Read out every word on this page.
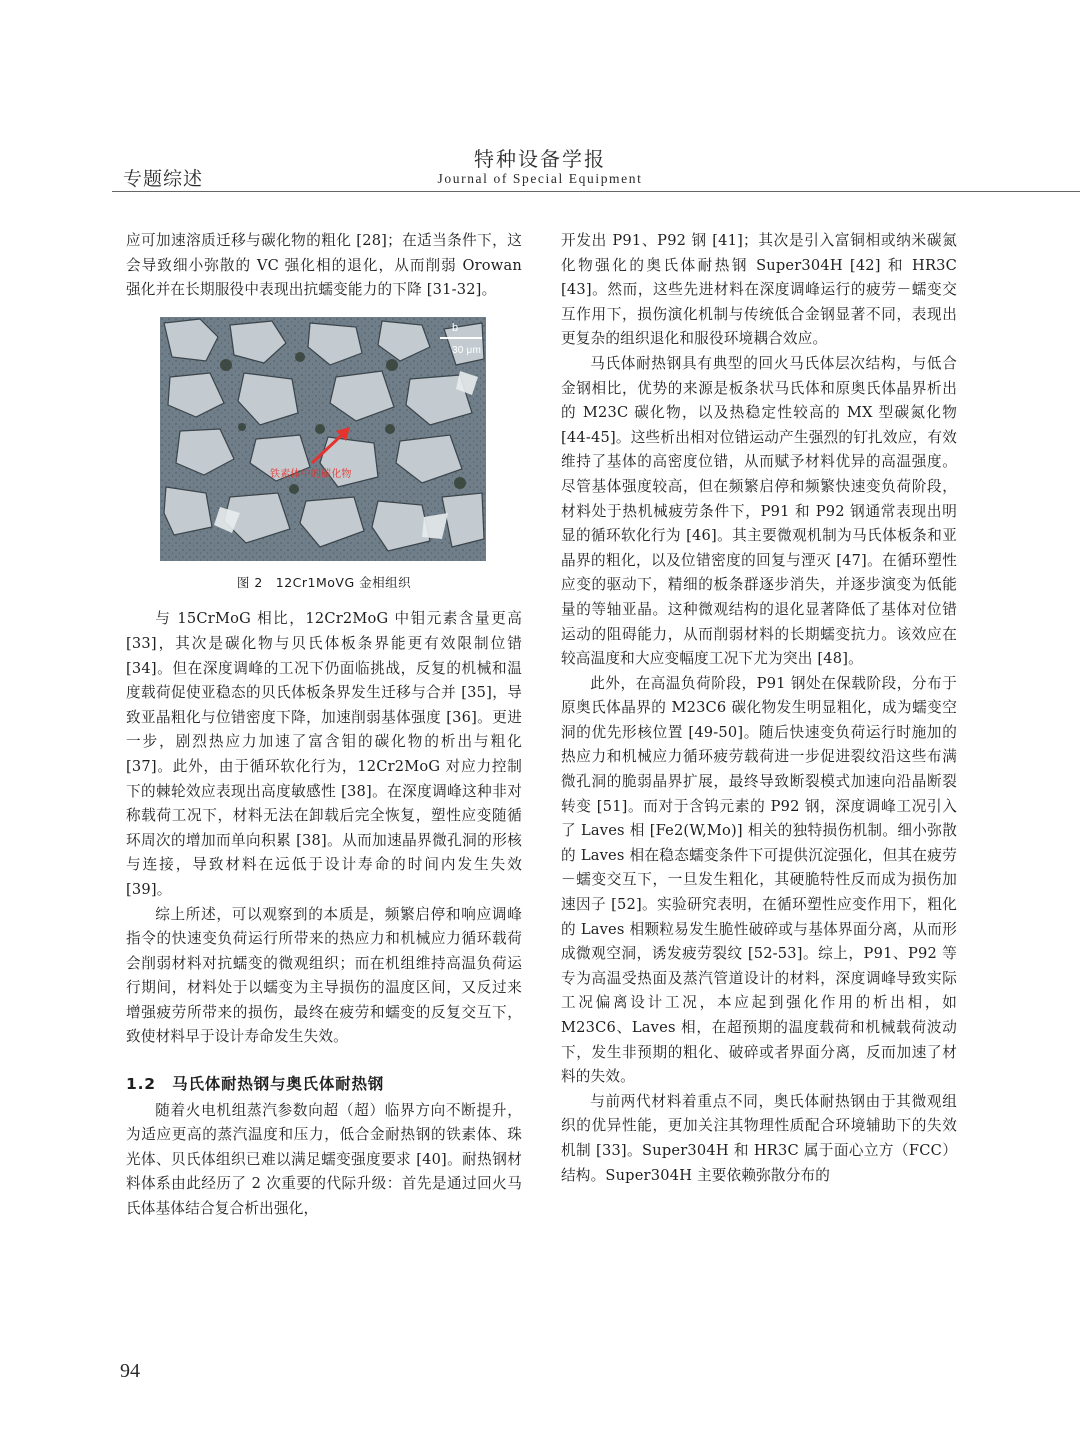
特种设备学报
专题综述	Journal of Special Equipment

应可加速溶质迁移与碳化物的粗化 [28]；在适当条件下，这会导致细小弥散的 VC 强化相的退化，从而削弱 Orowan 强化并在长期服役中表现出抗蠕变能力的下降 [31-32]。

b
30 μm
铁素体中的碳化物
图 2　12Cr1MoVG 金相组织

与 15CrMoG 相比，12Cr2MoG 中钼元素含量更高 [33]，其次是碳化物与贝氏体板条界能更有效限制位错 [34]。但在深度调峰的工况下仍面临挑战，反复的机械和温度载荷促使亚稳态的贝氏体板条界发生迁移与合并 [35]，导致亚晶粗化与位错密度下降，加速削弱基体强度 [36]。更进一步，剧烈热应力加速了富含钼的碳化物的析出与粗化 [37]。此外，由于循环软化行为，12Cr2MoG 对应力控制下的棘轮效应表现出高度敏感性 [38]。在深度调峰这种非对称载荷工况下，材料无法在卸载后完全恢复，塑性应变随循环周次的增加而单向积累 [38]。从而加速晶界微孔洞的形核与连接，导致材料在远低于设计寿命的时间内发生失效 [39]。

综上所述，可以观察到的本质是，频繁启停和响应调峰指令的快速变负荷运行所带来的热应力和机械应力循环载荷会削弱材料对抗蠕变的微观组织；而在机组维持高温负荷运行期间，材料处于以蠕变为主导损伤的温度区间，又反过来增强疲劳所带来的损伤，最终在疲劳和蠕变的反复交互下，致使材料早于设计寿命发生失效。

1.2　马氏体耐热钢与奥氏体耐热钢

随着火电机组蒸汽参数向超（超）临界方向不断提升，为适应更高的蒸汽温度和压力，低合金耐热钢的铁素体、珠光体、贝氏体组织已难以满足蠕变强度要求 [40]。耐热钢材料体系由此经历了 2 次重要的代际升级：首先是通过回火马氏体基体结合复合析出强化，

开发出 P91、P92 钢 [41]；其次是引入富铜相或纳米碳氮化物强化的奥氏体耐热钢 Super304H [42] 和 HR3C [43]。然而，这些先进材料在深度调峰运行的疲劳－蠕变交互作用下，损伤演化机制与传统低合金钢显著不同，表现出更复杂的组织退化和服役环境耦合效应。

马氏体耐热钢具有典型的回火马氏体层次结构，与低合金钢相比，优势的来源是板条状马氏体和原奥氏体晶界析出的 M23C 碳化物，以及热稳定性较高的 MX 型碳氮化物 [44-45]。这些析出相对位错运动产生强烈的钉扎效应，有效维持了基体的高密度位错，从而赋予材料优异的高温强度。尽管基体强度较高，但在频繁启停和频繁快速变负荷阶段，材料处于热机械疲劳条件下，P91 和 P92 钢通常表现出明显的循环软化行为 [46]。其主要微观机制为马氏体板条和亚晶界的粗化，以及位错密度的回复与湮灭 [47]。在循环塑性应变的驱动下，精细的板条群逐步消失，并逐步演变为低能量的等轴亚晶。这种微观结构的退化显著降低了基体对位错运动的阻碍能力，从而削弱材料的长期蠕变抗力。该效应在较高温度和大应变幅度工况下尤为突出 [48]。

此外，在高温负荷阶段，P91 钢处在保载阶段，分布于原奥氏体晶界的 M23C6 碳化物发生明显粗化，成为蠕变空洞的优先形核位置 [49-50]。随后快速变负荷运行时施加的热应力和机械应力循环疲劳载荷进一步促进裂纹沿这些布满微孔洞的脆弱晶界扩展，最终导致断裂模式加速向沿晶断裂转变 [51]。而对于含钨元素的 P92 钢，深度调峰工况引入了 Laves 相 [Fe2(W,Mo)] 相关的独特损伤机制。细小弥散的 Laves 相在稳态蠕变条件下可提供沉淀强化，但其在疲劳－蠕变交互下，一旦发生粗化，其硬脆特性反而成为损伤加速因子 [52]。实验研究表明，在循环塑性应变作用下，粗化的 Laves 相颗粒易发生脆性破碎或与基体界面分离，从而形成微观空洞，诱发疲劳裂纹 [52-53]。综上，P91、P92 等专为高温受热面及蒸汽管道设计的材料，深度调峰导致实际工况偏离设计工况，本应起到强化作用的析出相，如 M23C6、Laves 相，在超预期的温度载荷和机械载荷波动下，发生非预期的粗化、破碎或者界面分离，反而加速了材料的失效。

与前两代材料着重点不同，奥氏体耐热钢由于其微观组织的优异性能，更加关注其物理性质配合环境辅助下的失效机制 [33]。Super304H 和 HR3C 属于面心立方（FCC）结构。Super304H 主要依赖弥散分布的

94
